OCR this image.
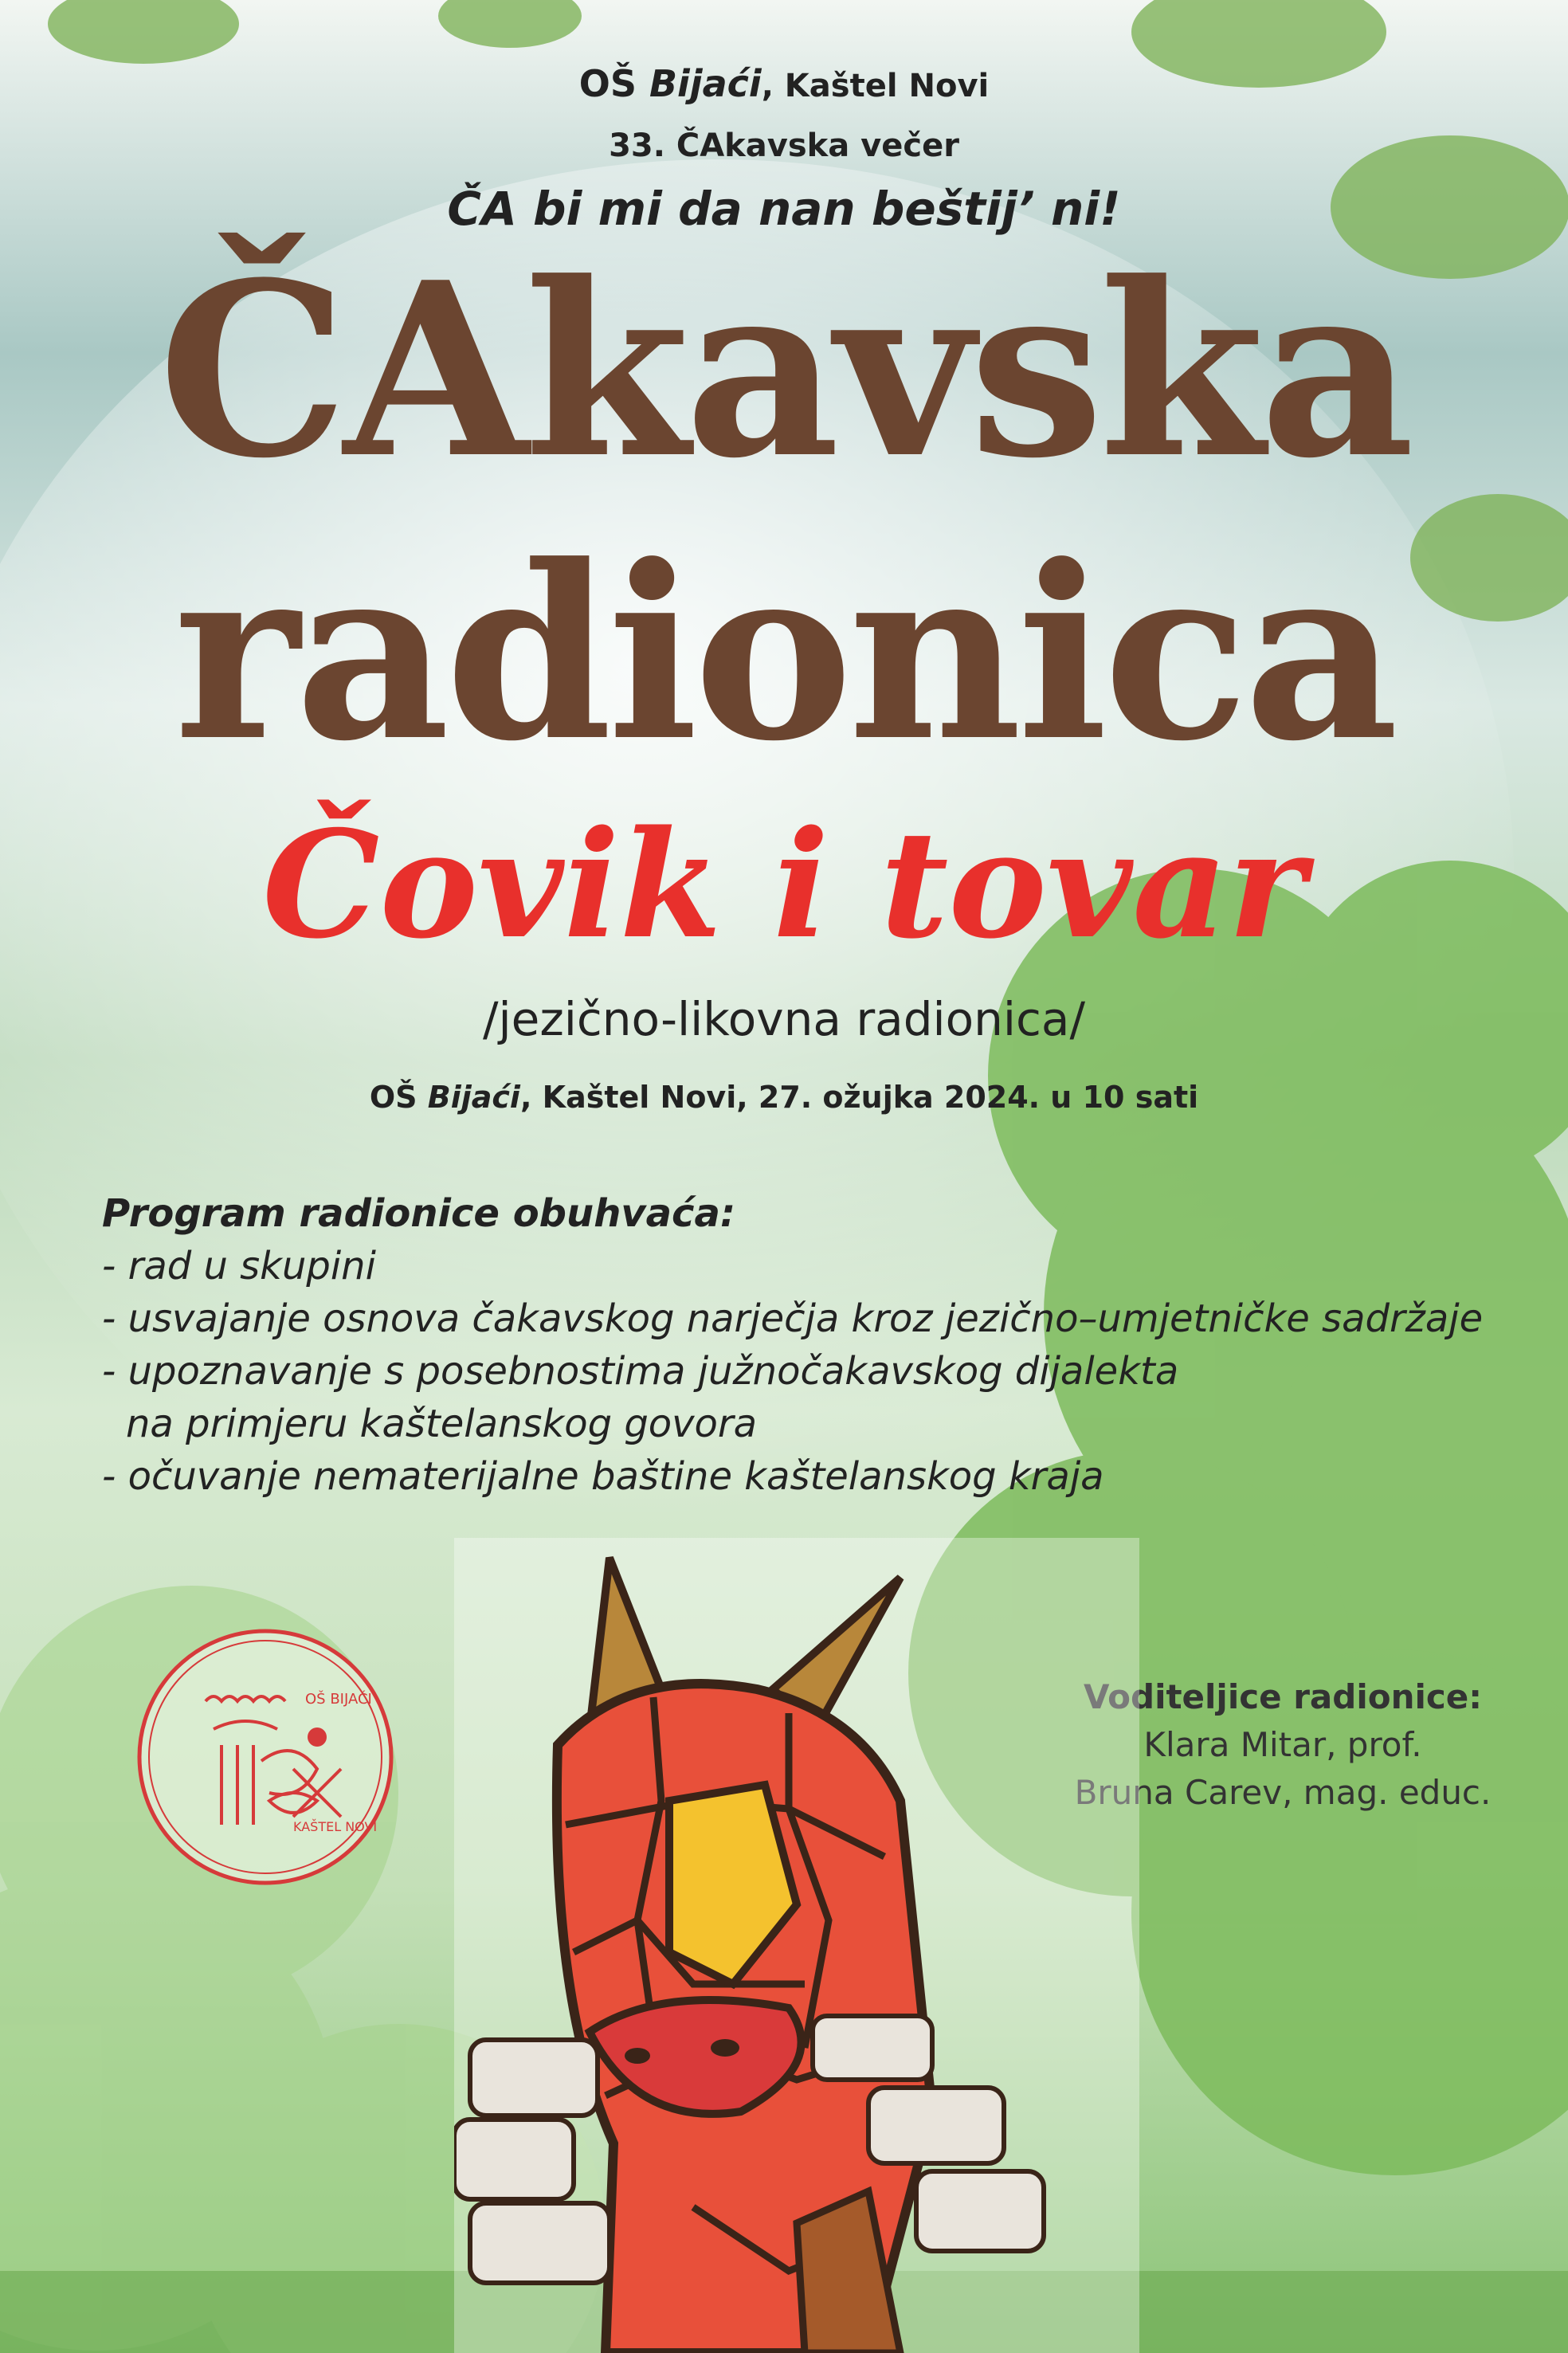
OŠ Bijaći, Kaštel Novi
33. ČAkavska večer
ČA bi mi da nan beštij’ ni!
ČAkavska
radionica
Čovik i tovar
/jezično-likovna radionica/
OŠ Bijaći, Kaštel Novi, 27. ožujka 2024. u 10 sati
Program radionice obuhvaća:
- rad u skupini
- usvajanje osnova čakavskog narječja kroz jezično–umjetničke sadržaje
- upoznavanje s posebnostima južnočakavskog dijalekta
na primjeru kaštelanskog govora
- očuvanje nematerijalne baštine kaštelanskog kraja
Voditeljice radionice:
Klara Mitar, prof.
Bruna Carev, mag. educ.
OŠ BIJAĆI
KAŠTEL NOVI
